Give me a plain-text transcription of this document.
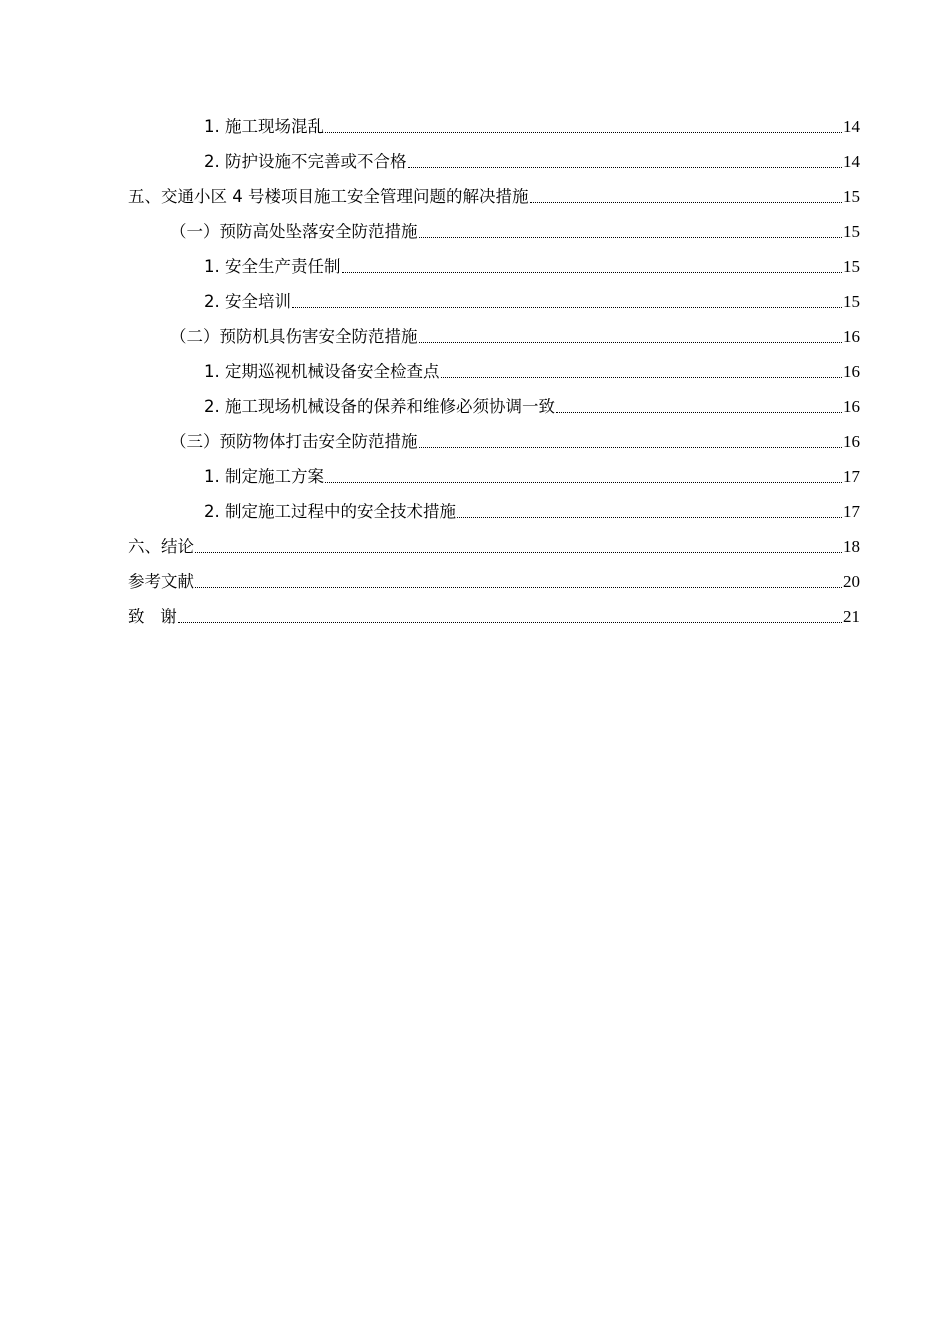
1. 施工现场混乱	14
2. 防护设施不完善或不合格	14
五、交通小区 4 号楼项目施工安全管理问题的解决措施	15
（一）预防高处坠落安全防范措施	15
1. 安全生产责任制	15
2. 安全培训	15
（二）预防机具伤害安全防范措施	16
1. 定期巡视机械设备安全检查点	16
2. 施工现场机械设备的保养和维修必须协调一致	16
（三）预防物体打击安全防范措施	16
1. 制定施工方案	17
2. 制定施工过程中的安全技术措施	17
六、结论	18
参考文献	20
致   谢	21
